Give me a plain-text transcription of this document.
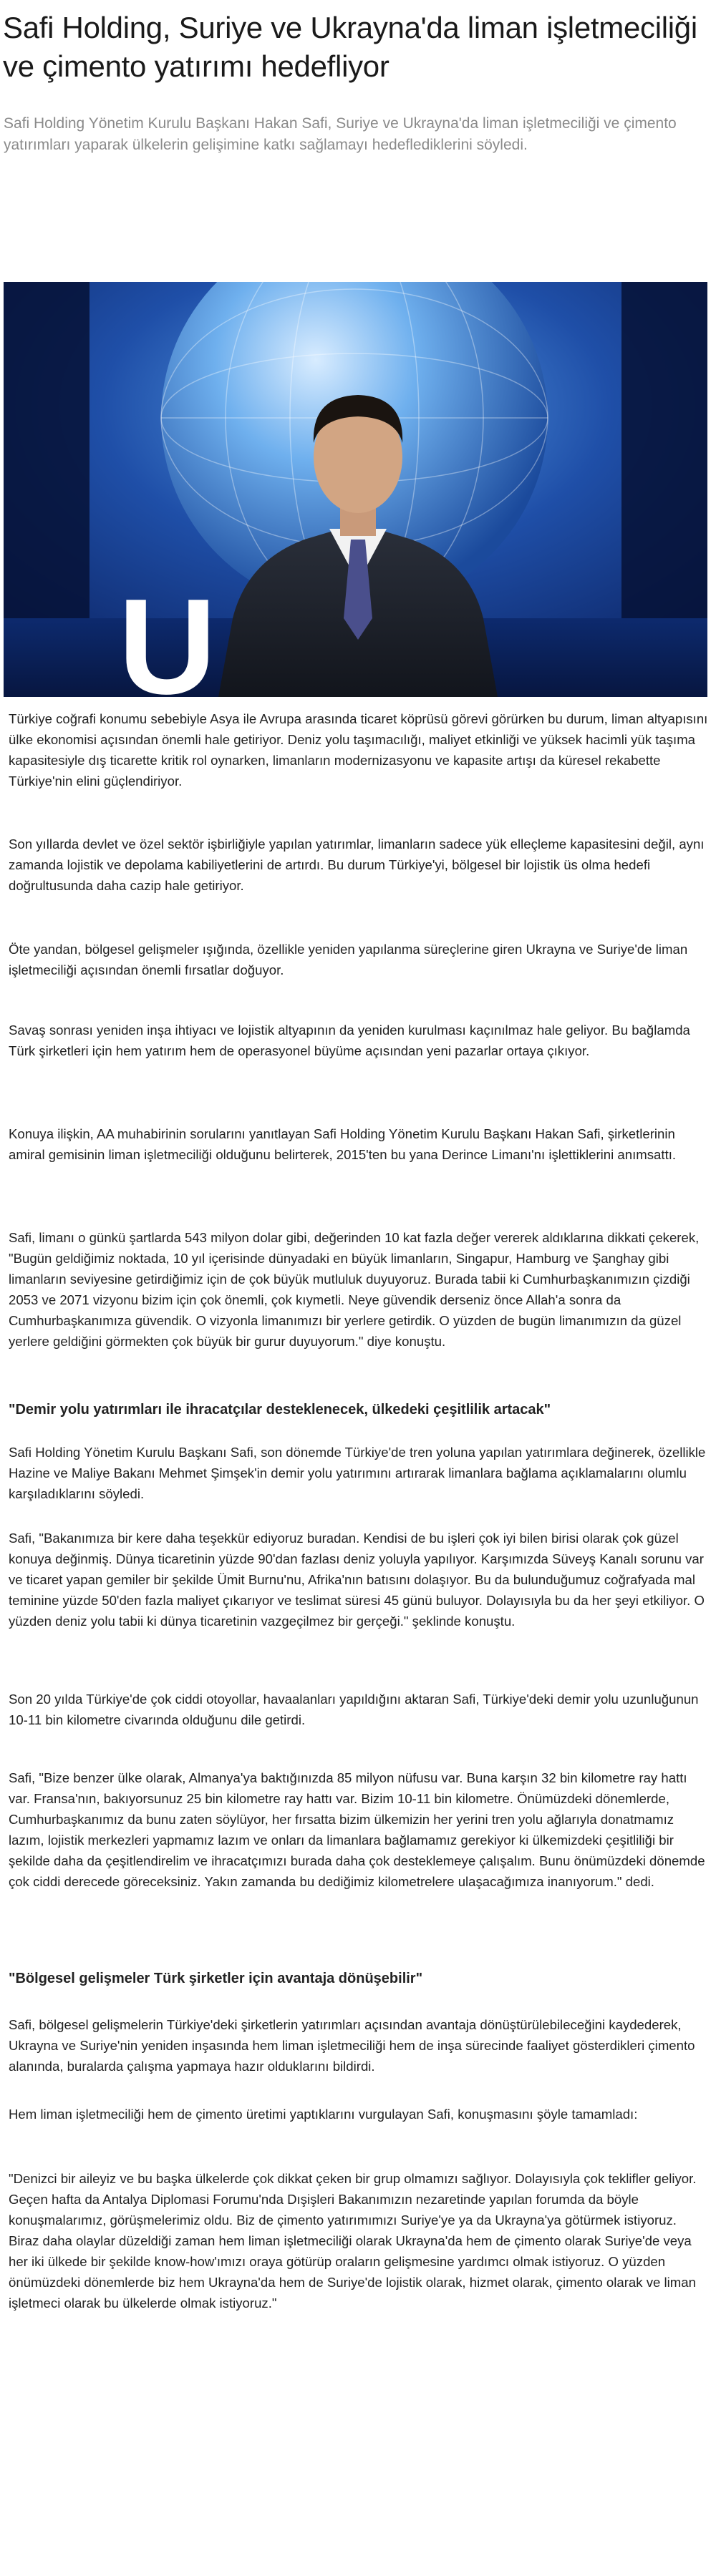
Safi Holding, Suriye ve Ukrayna'da liman işletmeciliği ve çimento yatırımı hedefliyor

Safi Holding Yönetim Kurulu Başkanı Hakan Safi, Suriye ve Ukrayna'da liman işletmeciliği ve çimento yatırımları yaparak ülkelerin gelişimine katkı sağlamayı hedeflediklerini söyledi.

U

Türkiye coğrafi konumu sebebiyle Asya ile Avrupa arasında ticaret köprüsü görevi görürken bu durum, liman altyapısını ülke ekonomisi açısından önemli hale getiriyor. Deniz yolu taşımacılığı, maliyet etkinliği ve yüksek hacimli yük taşıma kapasitesiyle dış ticarette kritik rol oynarken, limanların modernizasyonu ve kapasite artışı da küresel rekabette Türkiye'nin elini güçlendiriyor.

Son yıllarda devlet ve özel sektör işbirliğiyle yapılan yatırımlar, limanların sadece yük elleçleme kapasitesini değil, aynı zamanda lojistik ve depolama kabiliyetlerini de artırdı. Bu durum Türkiye'yi, bölgesel bir lojistik üs olma hedefi doğrultusunda daha cazip hale getiriyor.

Öte yandan, bölgesel gelişmeler ışığında, özellikle yeniden yapılanma süreçlerine giren Ukrayna ve Suriye'de liman işletmeciliği açısından önemli fırsatlar doğuyor.

Savaş sonrası yeniden inşa ihtiyacı ve lojistik altyapının da yeniden kurulması kaçınılmaz hale geliyor. Bu bağlamda Türk şirketleri için hem yatırım hem de operasyonel büyüme açısından yeni pazarlar ortaya çıkıyor.

Konuya ilişkin, AA muhabirinin sorularını yanıtlayan Safi Holding Yönetim Kurulu Başkanı Hakan Safi, şirketlerinin amiral gemisinin liman işletmeciliği olduğunu belirterek, 2015'ten bu yana Derince Limanı'nı işlettiklerini anımsattı.

Safi, limanı o günkü şartlarda 543 milyon dolar gibi, değerinden 10 kat fazla değer vererek aldıklarına dikkati çekerek, "Bugün geldiğimiz noktada, 10 yıl içerisinde dünyadaki en büyük limanların, Singapur, Hamburg ve Şanghay gibi limanların seviyesine getirdiğimiz için de çok büyük mutluluk duyuyoruz. Burada tabii ki Cumhurbaşkanımızın çizdiği 2053 ve 2071 vizyonu bizim için çok önemli, çok kıymetli. Neye güvendik derseniz önce Allah'a sonra da Cumhurbaşkanımıza güvendik. O vizyonla limanımızı bir yerlere getirdik. O yüzden de bugün limanımızın da güzel yerlere geldiğini görmekten çok büyük bir gurur duyuyorum." diye konuştu.

"Demir yolu yatırımları ile ihracatçılar desteklenecek, ülkedeki çeşitlilik artacak"

Safi Holding Yönetim Kurulu Başkanı Safi, son dönemde Türkiye'de tren yoluna yapılan yatırımlara değinerek, özellikle Hazine ve Maliye Bakanı Mehmet Şimşek'in demir yolu yatırımını artırarak limanlara bağlama açıklamalarını olumlu karşıladıklarını söyledi.

Safi, "Bakanımıza bir kere daha teşekkür ediyoruz buradan. Kendisi de bu işleri çok iyi bilen birisi olarak çok güzel konuya değinmiş. Dünya ticaretinin yüzde 90'dan fazlası deniz yoluyla yapılıyor. Karşımızda Süveyş Kanalı sorunu var ve ticaret yapan gemiler bir şekilde Ümit Burnu'nu, Afrika'nın batısını dolaşıyor. Bu da bulunduğumuz coğrafyada mal teminine yüzde 50'den fazla maliyet çıkarıyor ve teslimat süresi 45 günü buluyor. Dolayısıyla bu da her şeyi etkiliyor. O yüzden deniz yolu tabii ki dünya ticaretinin vazgeçilmez bir gerçeği." şeklinde konuştu.

Son 20 yılda Türkiye'de çok ciddi otoyollar, havaalanları yapıldığını aktaran Safi, Türkiye'deki demir yolu uzunluğunun 10-11 bin kilometre civarında olduğunu dile getirdi.

Safi, "Bize benzer ülke olarak, Almanya'ya baktığınızda 85 milyon nüfusu var. Buna karşın 32 bin kilometre ray hattı var. Fransa'nın, bakıyorsunuz 25 bin kilometre ray hattı var. Bizim 10-11 bin kilometre. Önümüzdeki dönemlerde, Cumhurbaşkanımız da bunu zaten söylüyor, her fırsatta bizim ülkemizin her yerini tren yolu ağlarıyla donatmamız lazım, lojistik merkezleri yapmamız lazım ve onları da limanlara bağlamamız gerekiyor ki ülkemizdeki çeşitliliği bir şekilde daha da çeşitlendirelim ve ihracatçımızı burada daha çok desteklemeye çalışalım. Bunu önümüzdeki dönemde çok ciddi derecede göreceksiniz. Yakın zamanda bu dediğimiz kilometrelere ulaşacağımıza inanıyorum." dedi.

"Bölgesel gelişmeler Türk şirketler için avantaja dönüşebilir"

Safi, bölgesel gelişmelerin Türkiye'deki şirketlerin yatırımları açısından avantaja dönüştürülebileceğini kaydederek, Ukrayna ve Suriye'nin yeniden inşasında hem liman işletmeciliği hem de inşa sürecinde faaliyet gösterdikleri çimento alanında, buralarda çalışma yapmaya hazır olduklarını bildirdi.

Hem liman işletmeciliği hem de çimento üretimi yaptıklarını vurgulayan Safi, konuşmasını şöyle tamamladı:

"Denizci bir aileyiz ve bu başka ülkelerde çok dikkat çeken bir grup olmamızı sağlıyor. Dolayısıyla çok teklifler geliyor. Geçen hafta da Antalya Diplomasi Forumu'nda Dışişleri Bakanımızın nezaretinde yapılan forumda da böyle konuşmalarımız, görüşmelerimiz oldu. Biz de çimento yatırımımızı Suriye'ye ya da Ukrayna'ya götürmek istiyoruz. Biraz daha olaylar düzeldiği zaman hem liman işletmeciliği olarak Ukrayna'da hem de çimento olarak Suriye'de veya her iki ülkede bir şekilde know-how'ımızı oraya götürüp oraların gelişmesine yardımcı olmak istiyoruz. O yüzden önümüzdeki dönemlerde biz hem Ukrayna'da hem de Suriye'de lojistik olarak, hizmet olarak, çimento olarak ve liman işletmeci olarak bu ülkelerde olmak istiyoruz."
